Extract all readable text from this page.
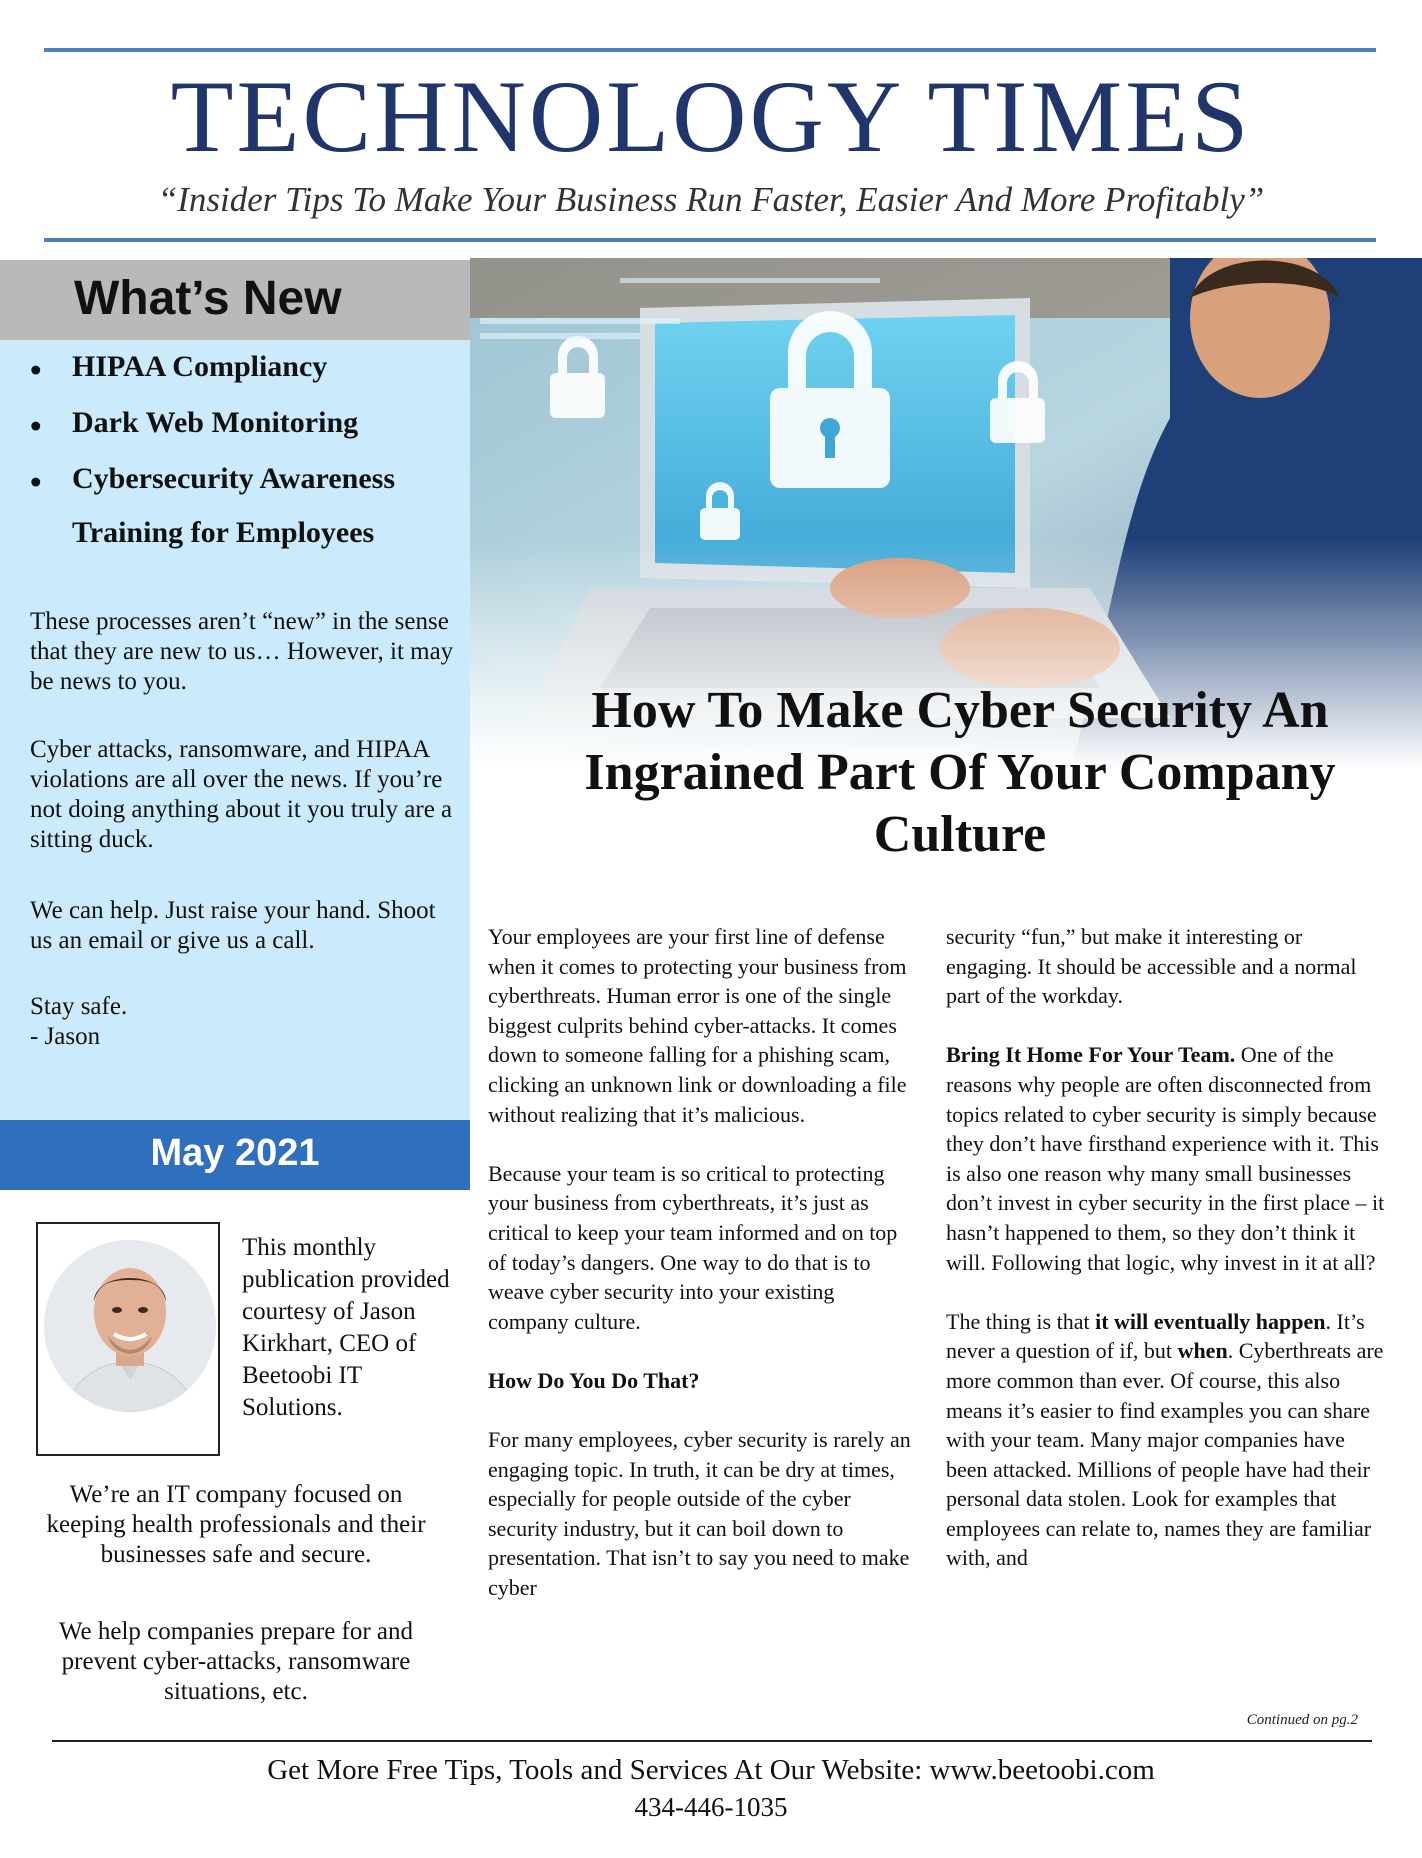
TECHNOLOGY TIMES
“Insider Tips To Make Your Business Run Faster, Easier And More Profitably”
What’s New
• HIPAA Compliancy
• Dark Web Monitoring
• Cybersecurity Awareness
Training for Employees
These processes aren’t “new” in the sense that they are new to us… However, it may be news to you.
Cyber attacks, ransomware, and HIPAA violations are all over the news. If you’re not doing anything about it you truly are a sitting duck.
We can help. Just raise your hand. Shoot us an email or give us a call.
Stay safe.
- Jason
May 2021
This monthly publication provided courtesy of Jason Kirkhart, CEO of Beetoobi IT Solutions.
We’re an IT company focused on keeping health professionals and their businesses safe and secure.
We help companies prepare for and prevent cyber-attacks, ransomware situations, etc.
How To Make Cyber Security An Ingrained Part Of Your Company Culture

Your employees are your first line of defense when it comes to protecting your business from cyberthreats. Human error is one of the single biggest culprits behind cyber-attacks. It comes down to someone falling for a phishing scam, clicking an unknown link or downloading a file without realizing that it’s malicious.

Because your team is so critical to protecting your business from cyberthreats, it’s just as critical to keep your team informed and on top of today’s dangers. One way to do that is to weave cyber security into your existing company culture.

How Do You Do That?

For many employees, cyber security is rarely an engaging topic. In truth, it can be dry at times, especially for people outside of the cyber security industry, but it can boil down to presentation. That isn’t to say you need to make cyber

security “fun,” but make it interesting or engaging. It should be accessible and a normal part of the workday.

Bring It Home For Your Team. One of the reasons why people are often disconnected from topics related to cyber security is simply because they don’t have firsthand experience with it. This is also one reason why many small businesses don’t invest in cyber security in the first place – it hasn’t happened to them, so they don’t think it will. Following that logic, why invest in it at all?

The thing is that it will eventually happen. It’s never a question of if, but when. Cyberthreats are more common than ever. Of course, this also means it’s easier to find examples you can share with your team. Many major companies have been attacked. Millions of people have had their personal data stolen. Look for examples that employees can relate to, names they are familiar with, and

Continued on pg.2
Get More Free Tips, Tools and Services At Our Website: www.beetoobi.com
434-446-1035
